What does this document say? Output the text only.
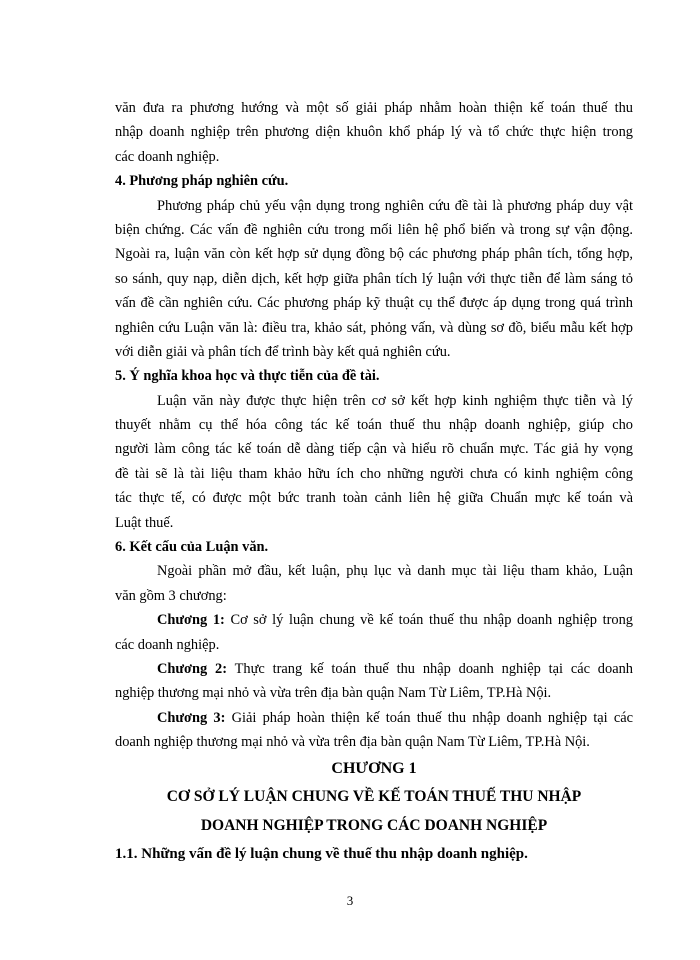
văn đưa ra phương hướng và một số giải pháp nhằm hoàn thiện kế toán thuế thu
nhập doanh nghiệp trên phương diện khuôn khổ pháp lý và tổ chức thực hiện trong
các doanh nghiệp.
4. Phương pháp nghiên cứu.
Phương pháp chủ yếu vận dụng trong nghiên cứu đề tài là phương pháp duy vật
biện chứng. Các vấn đề nghiên cứu trong mối liên hệ phổ biến và trong sự vận động.
Ngoài ra, luận văn còn kết hợp sử dụng đồng bộ các phương pháp phân tích, tổng hợp,
so sánh, quy nạp, diễn dịch, kết hợp giữa phân tích lý luận với thực tiễn để làm sáng tỏ
vấn đề cần nghiên cứu. Các phương pháp kỹ thuật cụ thể được áp dụng trong quá trình
nghiên cứu Luận văn là: điều tra, khảo sát, phỏng vấn, và dùng sơ đồ, biểu mẫu kết hợp
với diễn giải và phân tích để trình bày kết quả nghiên cứu.
5. Ý nghĩa khoa học và thực tiễn của đề tài.
Luận văn này được thực hiện trên cơ sở kết hợp kinh nghiệm thực tiễn và lý
thuyết nhằm cụ thể hóa công tác kế toán thuế thu nhập doanh nghiệp, giúp cho
người làm công tác kế toán dễ dàng tiếp cận và hiểu rõ chuẩn mực. Tác giả hy vọng
đề tài sẽ là tài liệu tham khảo hữu ích cho những người chưa có kinh nghiệm công
tác thực tế, có được một bức tranh toàn cảnh liên hệ giữa Chuẩn mực kế toán và
Luật thuế.
6. Kết cấu của Luận văn.
Ngoài phần mở đầu, kết luận, phụ lục và danh mục tài liệu tham khảo, Luận
văn gồm 3 chương:
Chương 1: Cơ sở lý luận chung về kế toán thuế thu nhập doanh nghiệp trong
các doanh nghiệp.
Chương 2: Thực trang kế toán thuế thu nhập doanh nghiệp tại các doanh
nghiệp thương mại nhỏ và vừa trên địa bàn quận Nam Từ Liêm, TP.Hà Nội.
Chương 3: Giải pháp hoàn thiện kế toán thuế thu nhập doanh nghiệp tại các
doanh nghiệp thương mại nhỏ và vừa trên địa bàn quận Nam Từ Liêm, TP.Hà Nội.
CHƯƠNG 1
CƠ SỞ LÝ LUẬN CHUNG VỀ KẾ TOÁN THUẾ THU NHẬP
DOANH NGHIỆP TRONG CÁC DOANH NGHIỆP
1.1. Những vấn đề lý luận chung về thuế thu nhập doanh nghiệp.
3
